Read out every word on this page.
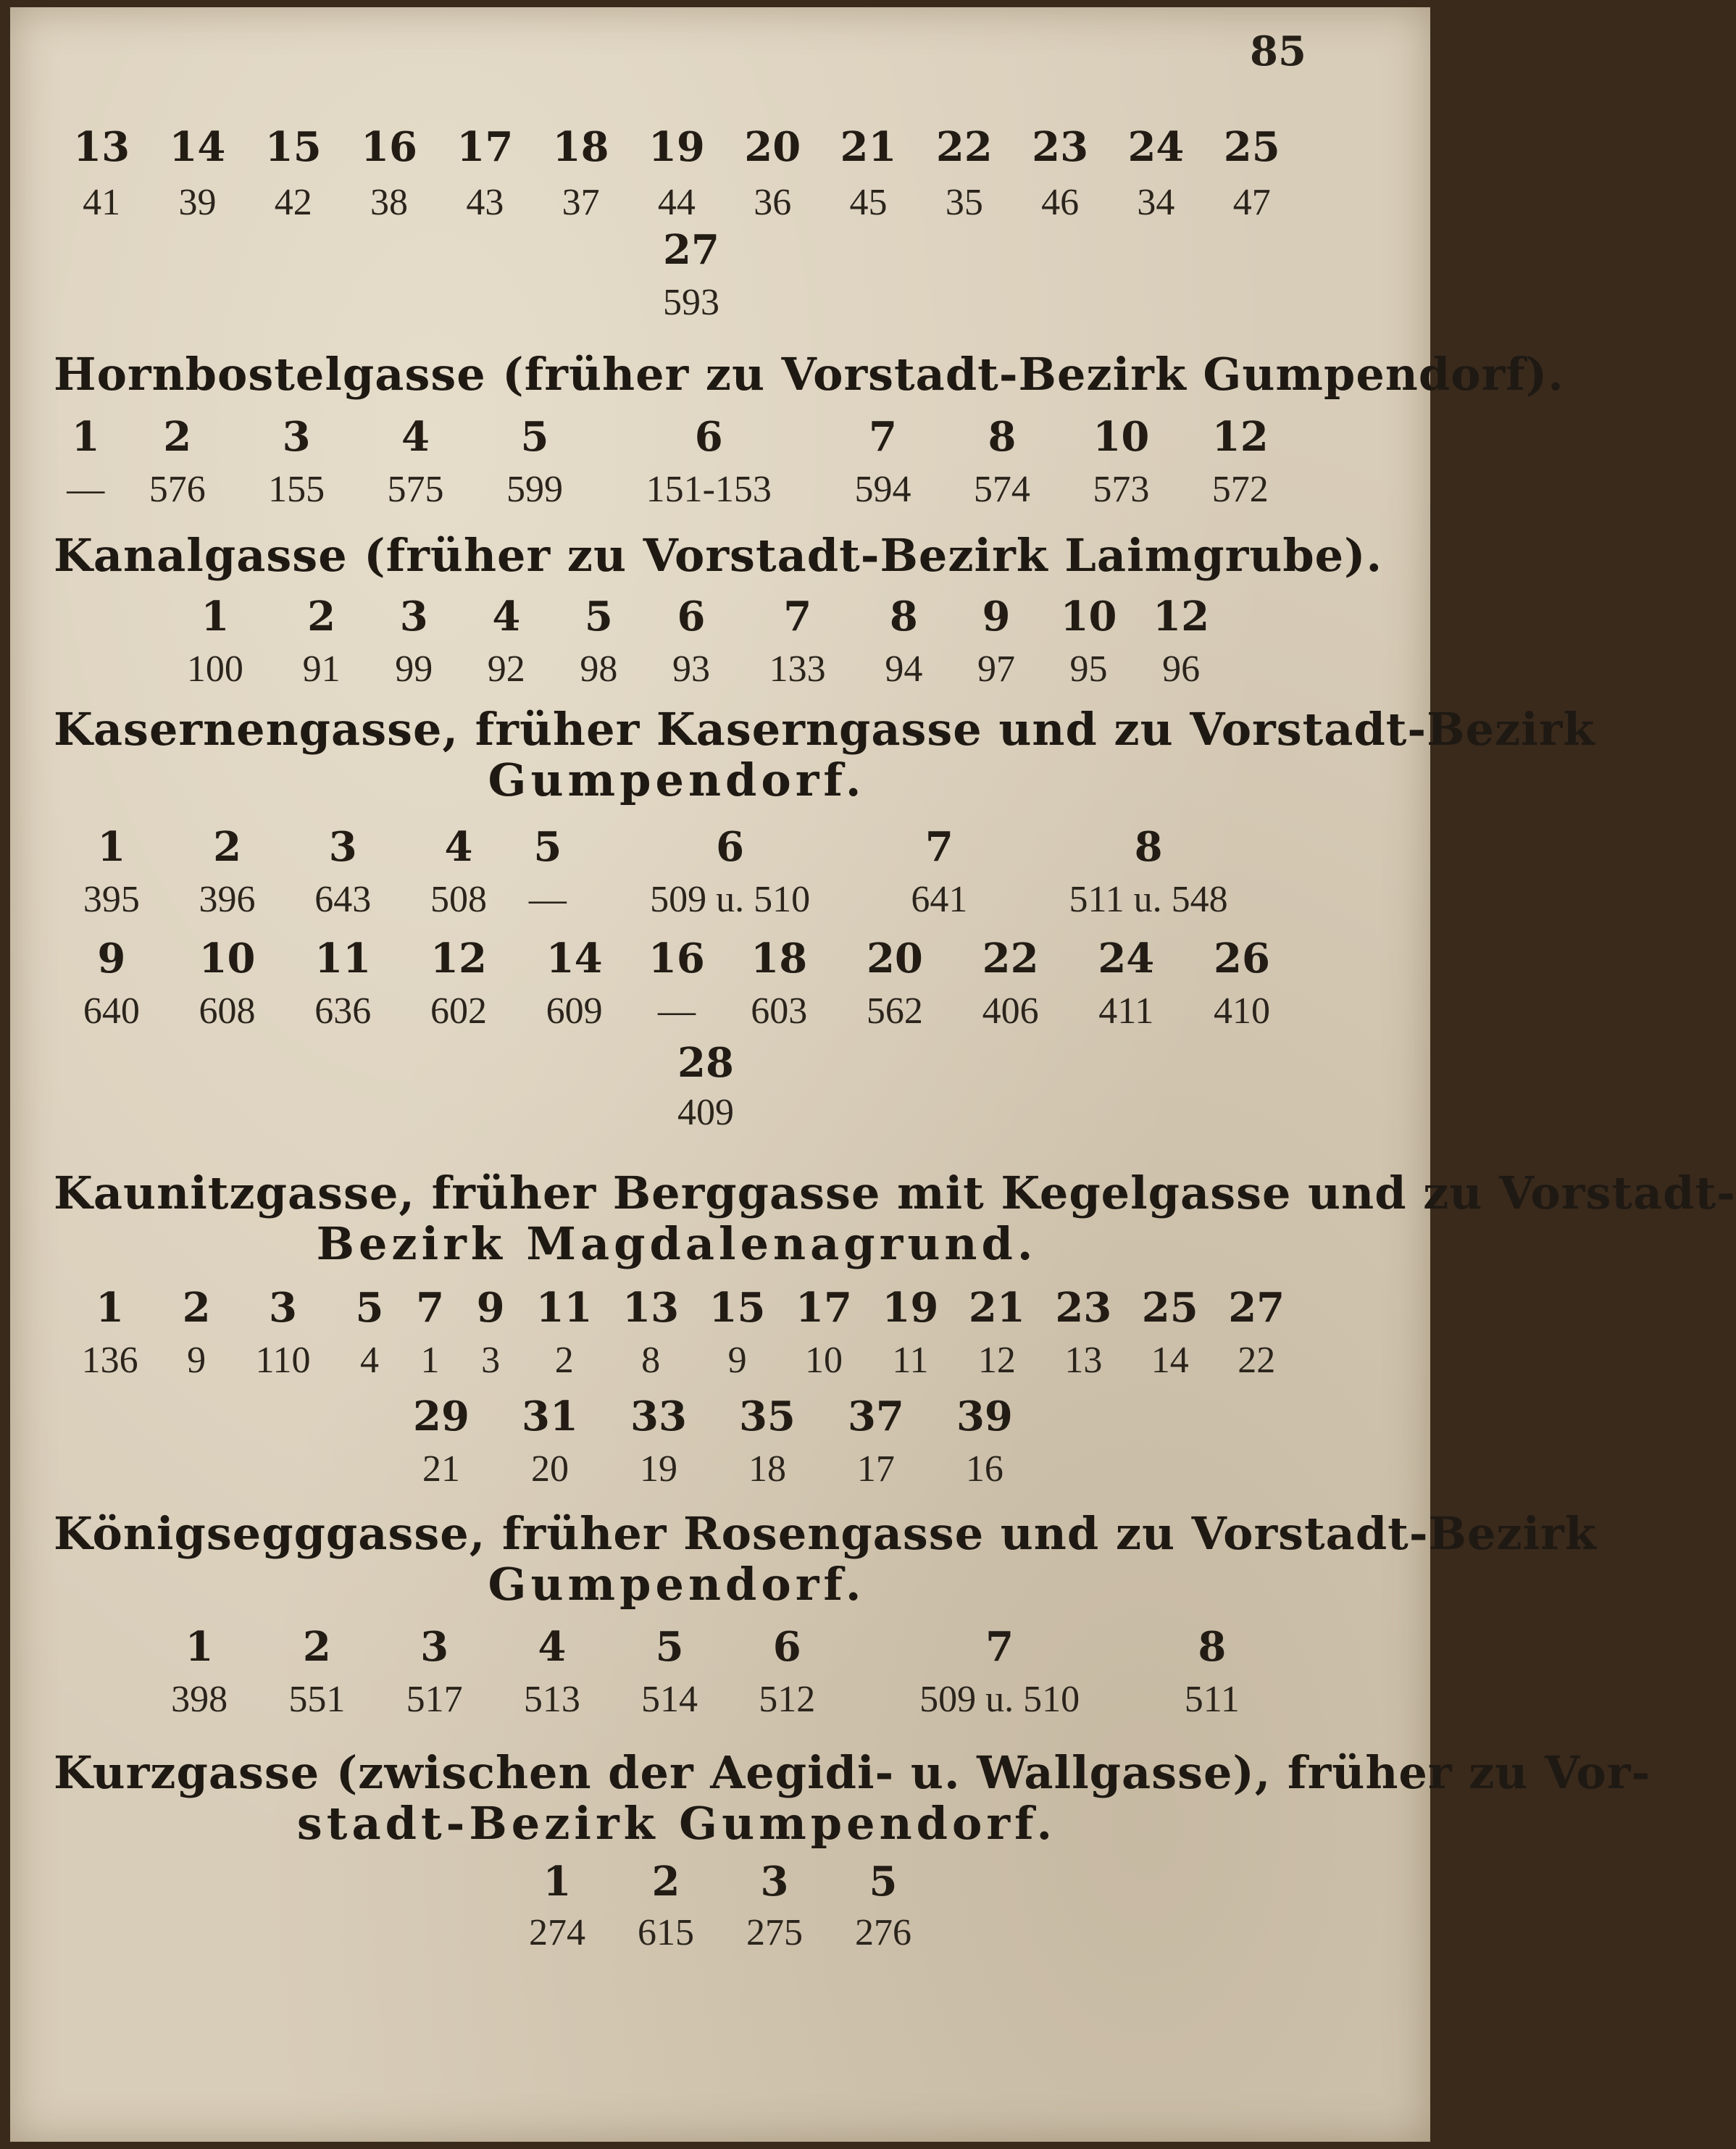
85
13 14 15 16 17 18 19 20 21 22 23 24 25
41	39	42	38	43	37	44	36	45	35	46	34	47
27
593
Hornbostelgasse (früher zu Vorstadt-Bezirk Gumpendorf).
1	2	3	4	5	6	7	8	10	12
—	576	155	575	599	151-153	594	574	573	572
Kanalgasse (früher zu Vorstadt-Bezirk Laimgrube).
1	2	3	4	5	6	7	8	9	10 12
100	91	99	92	98	93	133	94	97	95	96
Kasernengasse, früher Kaserngasse und zu Vorstadt-Bezirk
Gumpendorf.
1	2	3	4	5	6	7	8
395	396	643	508	—	509 u. 510	641	511 u. 548
9	10	11	12	14	16	18	20	22	24	26
640	608	636	602	609	—	603	562	406	411	410
28
409
Kaunitzgasse, früher Berggasse mit Kegelgasse und zu Vorstadt-
Bezirk Magdalenagrund.
1	2	3	5 7 9 11 13 15 17 19 21 23 25 27
136	9	110	4	1	3	2	8	9	10	11	12	13	14	22
29	31	33	35	37	39
21	20	19	18	17	16
Königsegggasse, früher Rosengasse und zu Vorstadt-Bezirk
Gumpendorf.
1	2	3	4	5	6	7	8
398	551	517	513	514	512	509 u. 510	511
Kurzgasse (zwischen der Aegidi- u. Wallgasse), früher zu Vor-
stadt-Bezirk Gumpendorf.
1	2	3	5
274	615	275	276
